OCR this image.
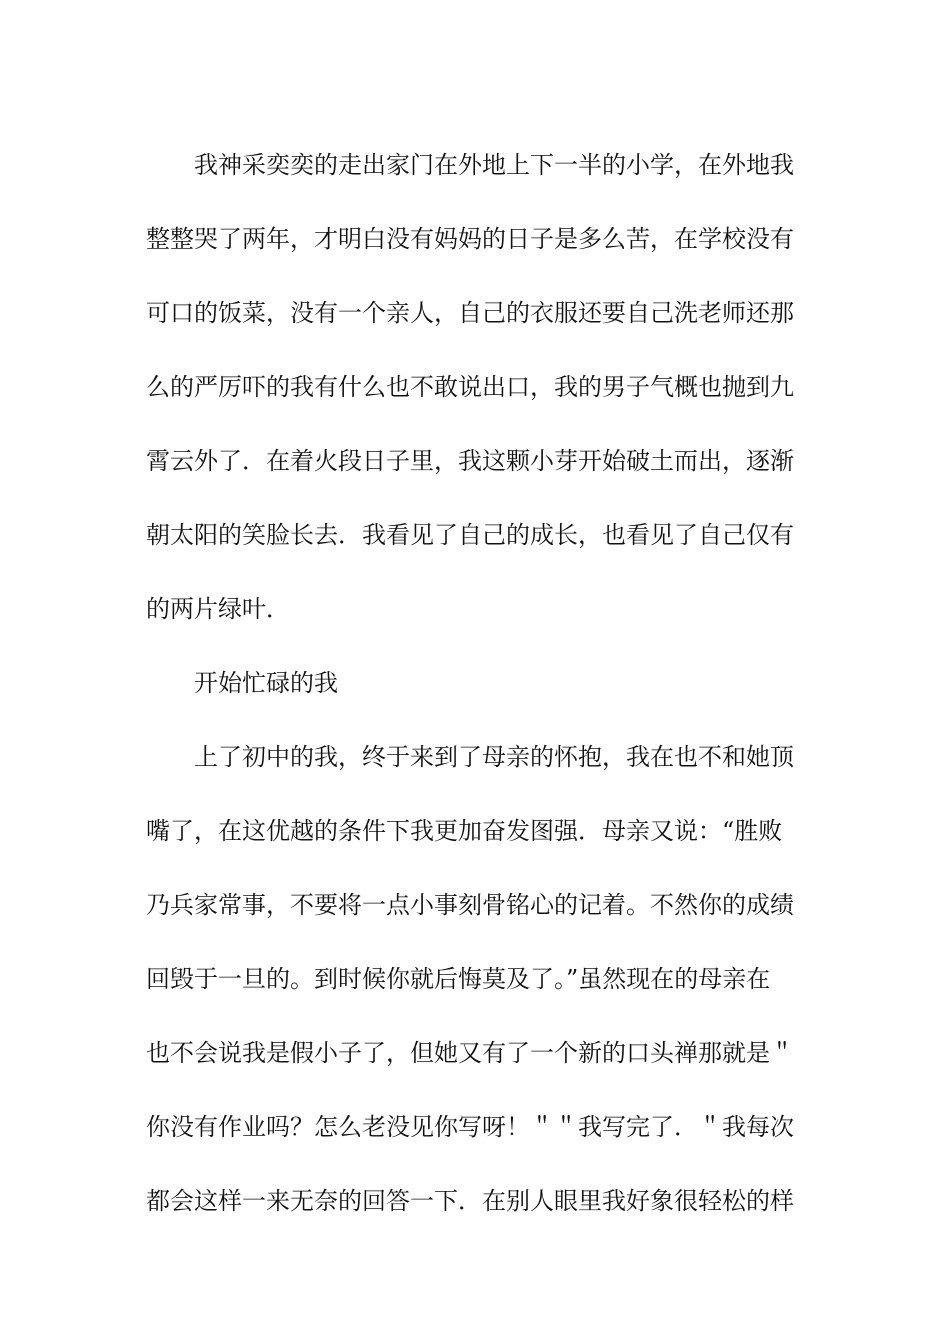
我神采奕奕的走出家门在外地上下一半的小学，在外地我
整整哭了两年，才明白没有妈妈的日子是多么苦，在学校没有
可口的饭菜，没有一个亲人，自己的衣服还要自己洗老师还那
么的严厉吓的我有什么也不敢说出口，我的男子气概也抛到九
霄云外了．在着火段日子里，我这颗小芽开始破土而出，逐渐
朝太阳的笑脸长去．我看见了自己的成长，也看见了自己仅有
的两片绿叶．
开始忙碌的我
上了初中的我，终于来到了母亲的怀抱，我在也不和她顶
嘴了，在这优越的条件下我更加奋发图强．母亲又说：“胜败
乃兵家常事，不要将一点小事刻骨铭心的记着。不然你的成绩
回毁于一旦的。到时候你就后悔莫及了。”虽然现在的母亲在
也不会说我是假小子了，但她又有了一个新的口头禅那就是＂
你没有作业吗？怎么老没见你写呀！＂＂我写完了．＂我每次
都会这样一来无奈的回答一下．在别人眼里我好象很轻松的样
